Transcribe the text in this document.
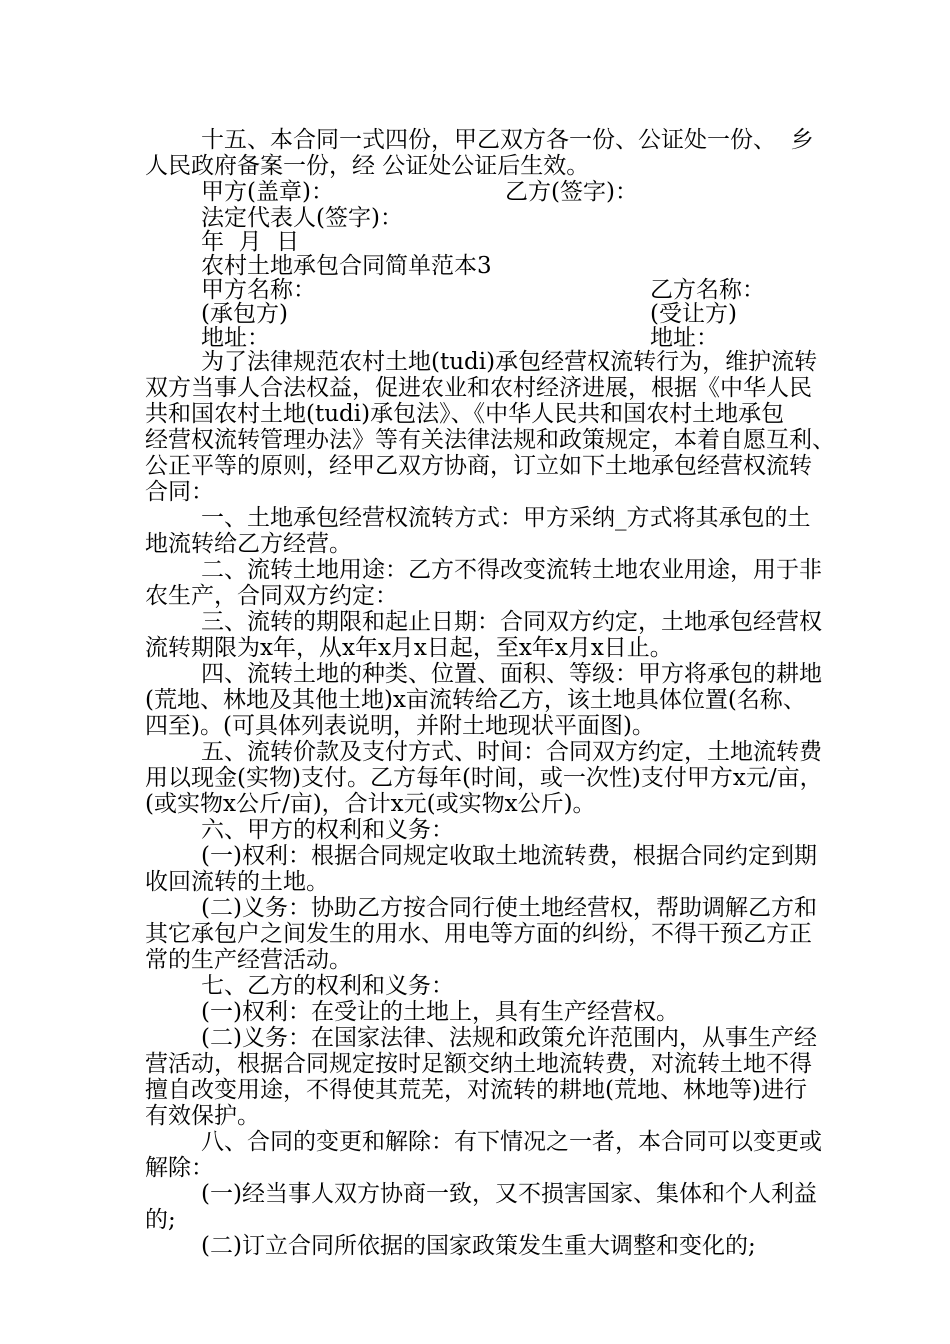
十五、本合同一式四份，甲乙双方各一份、公证处一份、  乡
人民政府备案一份，经 公证处公证后生效。
甲方(盖章)：	乙方(签字)：
法定代表人(签字)：
年  月  日
农村土地承包合同简单范本3
甲方名称：	乙方名称：
(承包方)	(受让方)
地址：	地址：
为了法律规范农村土地(tudi)承包经营权流转行为，维护流转
双方当事人合法权益，促进农业和农村经济进展，根据《中华人民
共和国农村土地(tudi)承包法》、《中华人民共和国农村土地承包
经营权流转管理办法》等有关法律法规和政策规定，本着自愿互利、
公正平等的原则，经甲乙双方协商，订立如下土地承包经营权流转
合同：
一、土地承包经营权流转方式：甲方采纳_方式将其承包的土
地流转给乙方经营。
二、流转土地用途：乙方不得改变流转土地农业用途，用于非
农生产，合同双方约定：
三、流转的期限和起止日期：合同双方约定，土地承包经营权
流转期限为x年，从x年x月x日起，至x年x月x日止。
四、流转土地的种类、位置、面积、等级：甲方将承包的耕地
(荒地、林地及其他土地)x亩流转给乙方，该土地具体位置(名称、
四至)。(可具体列表说明，并附土地现状平面图)。
五、流转价款及支付方式、时间：合同双方约定，土地流转费
用以现金(实物)支付。乙方每年(时间，或一次性)支付甲方x元/亩，
(或实物x公斤/亩)，合计x元(或实物x公斤)。
六、甲方的权利和义务：
(一)权利：根据合同规定收取土地流转费，根据合同约定到期
收回流转的土地。
(二)义务：协助乙方按合同行使土地经营权，帮助调解乙方和
其它承包户之间发生的用水、用电等方面的纠纷，不得干预乙方正
常的生产经营活动。
七、乙方的权利和义务：
(一)权利：在受让的土地上，具有生产经营权。
(二)义务：在国家法律、法规和政策允许范围内，从事生产经
营活动，根据合同规定按时足额交纳土地流转费，对流转土地不得
擅自改变用途，不得使其荒芜，对流转的耕地(荒地、林地等)进行
有效保护。
八、合同的变更和解除：有下情况之一者，本合同可以变更或
解除：
(一)经当事人双方协商一致，又不损害国家、集体和个人利益
的;
(二)订立合同所依据的国家政策发生重大调整和变化的;
